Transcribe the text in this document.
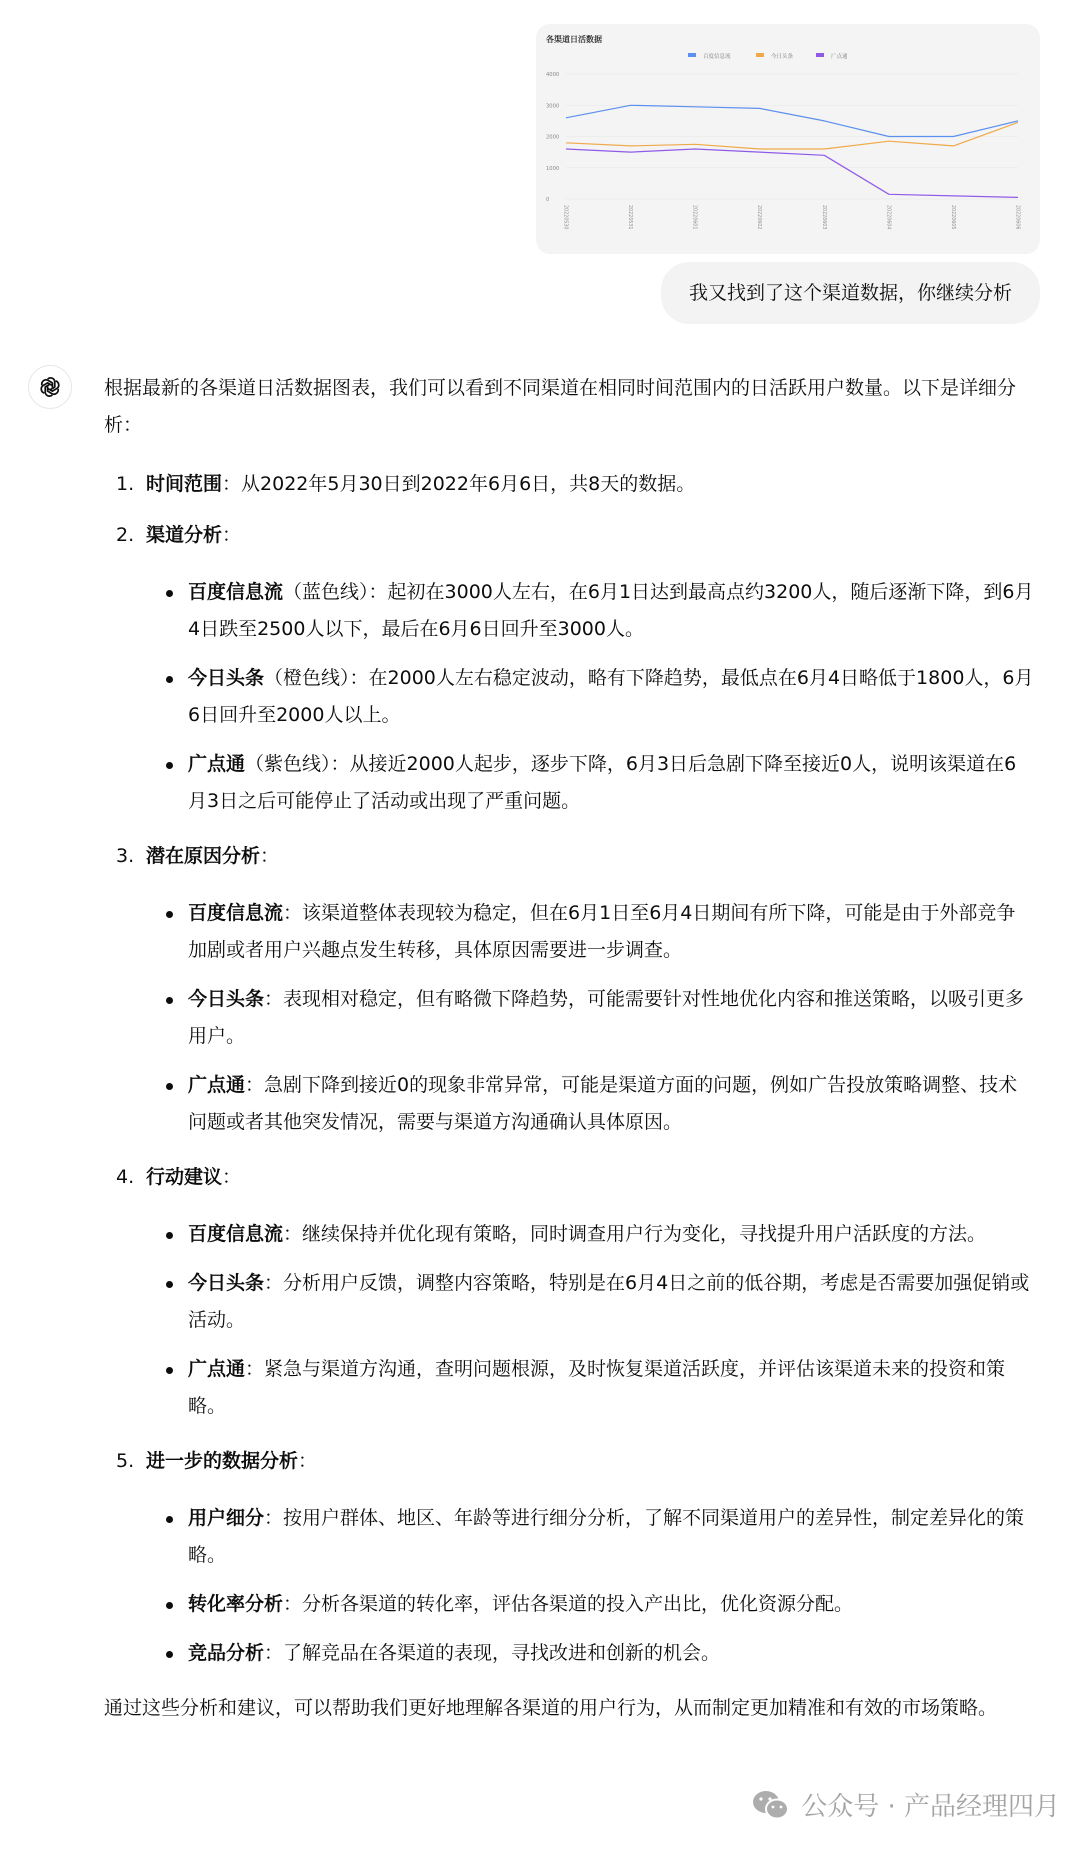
各渠道日活数据
百度信息流	今日头条	广点通
0
1000
2000
3000
4000
20220530	20220531	20220601	20220602	20220603	20220604	20220605	20220606
我又找到了这个渠道数据，你继续分析

根据最新的各渠道日活数据图表，我们可以看到不同渠道在相同时间范围内的日活跃用户数量。以下是详细分析：

1. 时间范围：从2022年5月30日到2022年6月6日，共8天的数据。
2. 渠道分析：
百度信息流（蓝色线）：起初在3000人左右，在6月1日达到最高点约3200人，随后逐渐下降，到6月4日跌至2500人以下，最后在6月6日回升至3000人。
今日头条（橙色线）：在2000人左右稳定波动，略有下降趋势，最低点在6月4日略低于1800人，6月6日回升至2000人以上。
广点通（紫色线）：从接近2000人起步，逐步下降，6月3日后急剧下降至接近0人，说明该渠道在6月3日之后可能停止了活动或出现了严重问题。
3. 潜在原因分析：
百度信息流：该渠道整体表现较为稳定，但在6月1日至6月4日期间有所下降，可能是由于外部竞争加剧或者用户兴趣点发生转移，具体原因需要进一步调查。
今日头条：表现相对稳定，但有略微下降趋势，可能需要针对性地优化内容和推送策略，以吸引更多用户。
广点通：急剧下降到接近0的现象非常异常，可能是渠道方面的问题，例如广告投放策略调整、技术问题或者其他突发情况，需要与渠道方沟通确认具体原因。
4. 行动建议：
百度信息流：继续保持并优化现有策略，同时调查用户行为变化，寻找提升用户活跃度的方法。
今日头条：分析用户反馈，调整内容策略，特别是在6月4日之前的低谷期，考虑是否需要加强促销或活动。
广点通：紧急与渠道方沟通，查明问题根源，及时恢复渠道活跃度，并评估该渠道未来的投资和策略。
5. 进一步的数据分析：
用户细分：按用户群体、地区、年龄等进行细分分析，了解不同渠道用户的差异性，制定差异化的策略。
转化率分析：分析各渠道的转化率，评估各渠道的投入产出比，优化资源分配。
竞品分析：了解竞品在各渠道的表现，寻找改进和创新的机会。

通过这些分析和建议，可以帮助我们更好地理解各渠道的用户行为，从而制定更加精准和有效的市场策略。

公众号 · 产品经理四月
